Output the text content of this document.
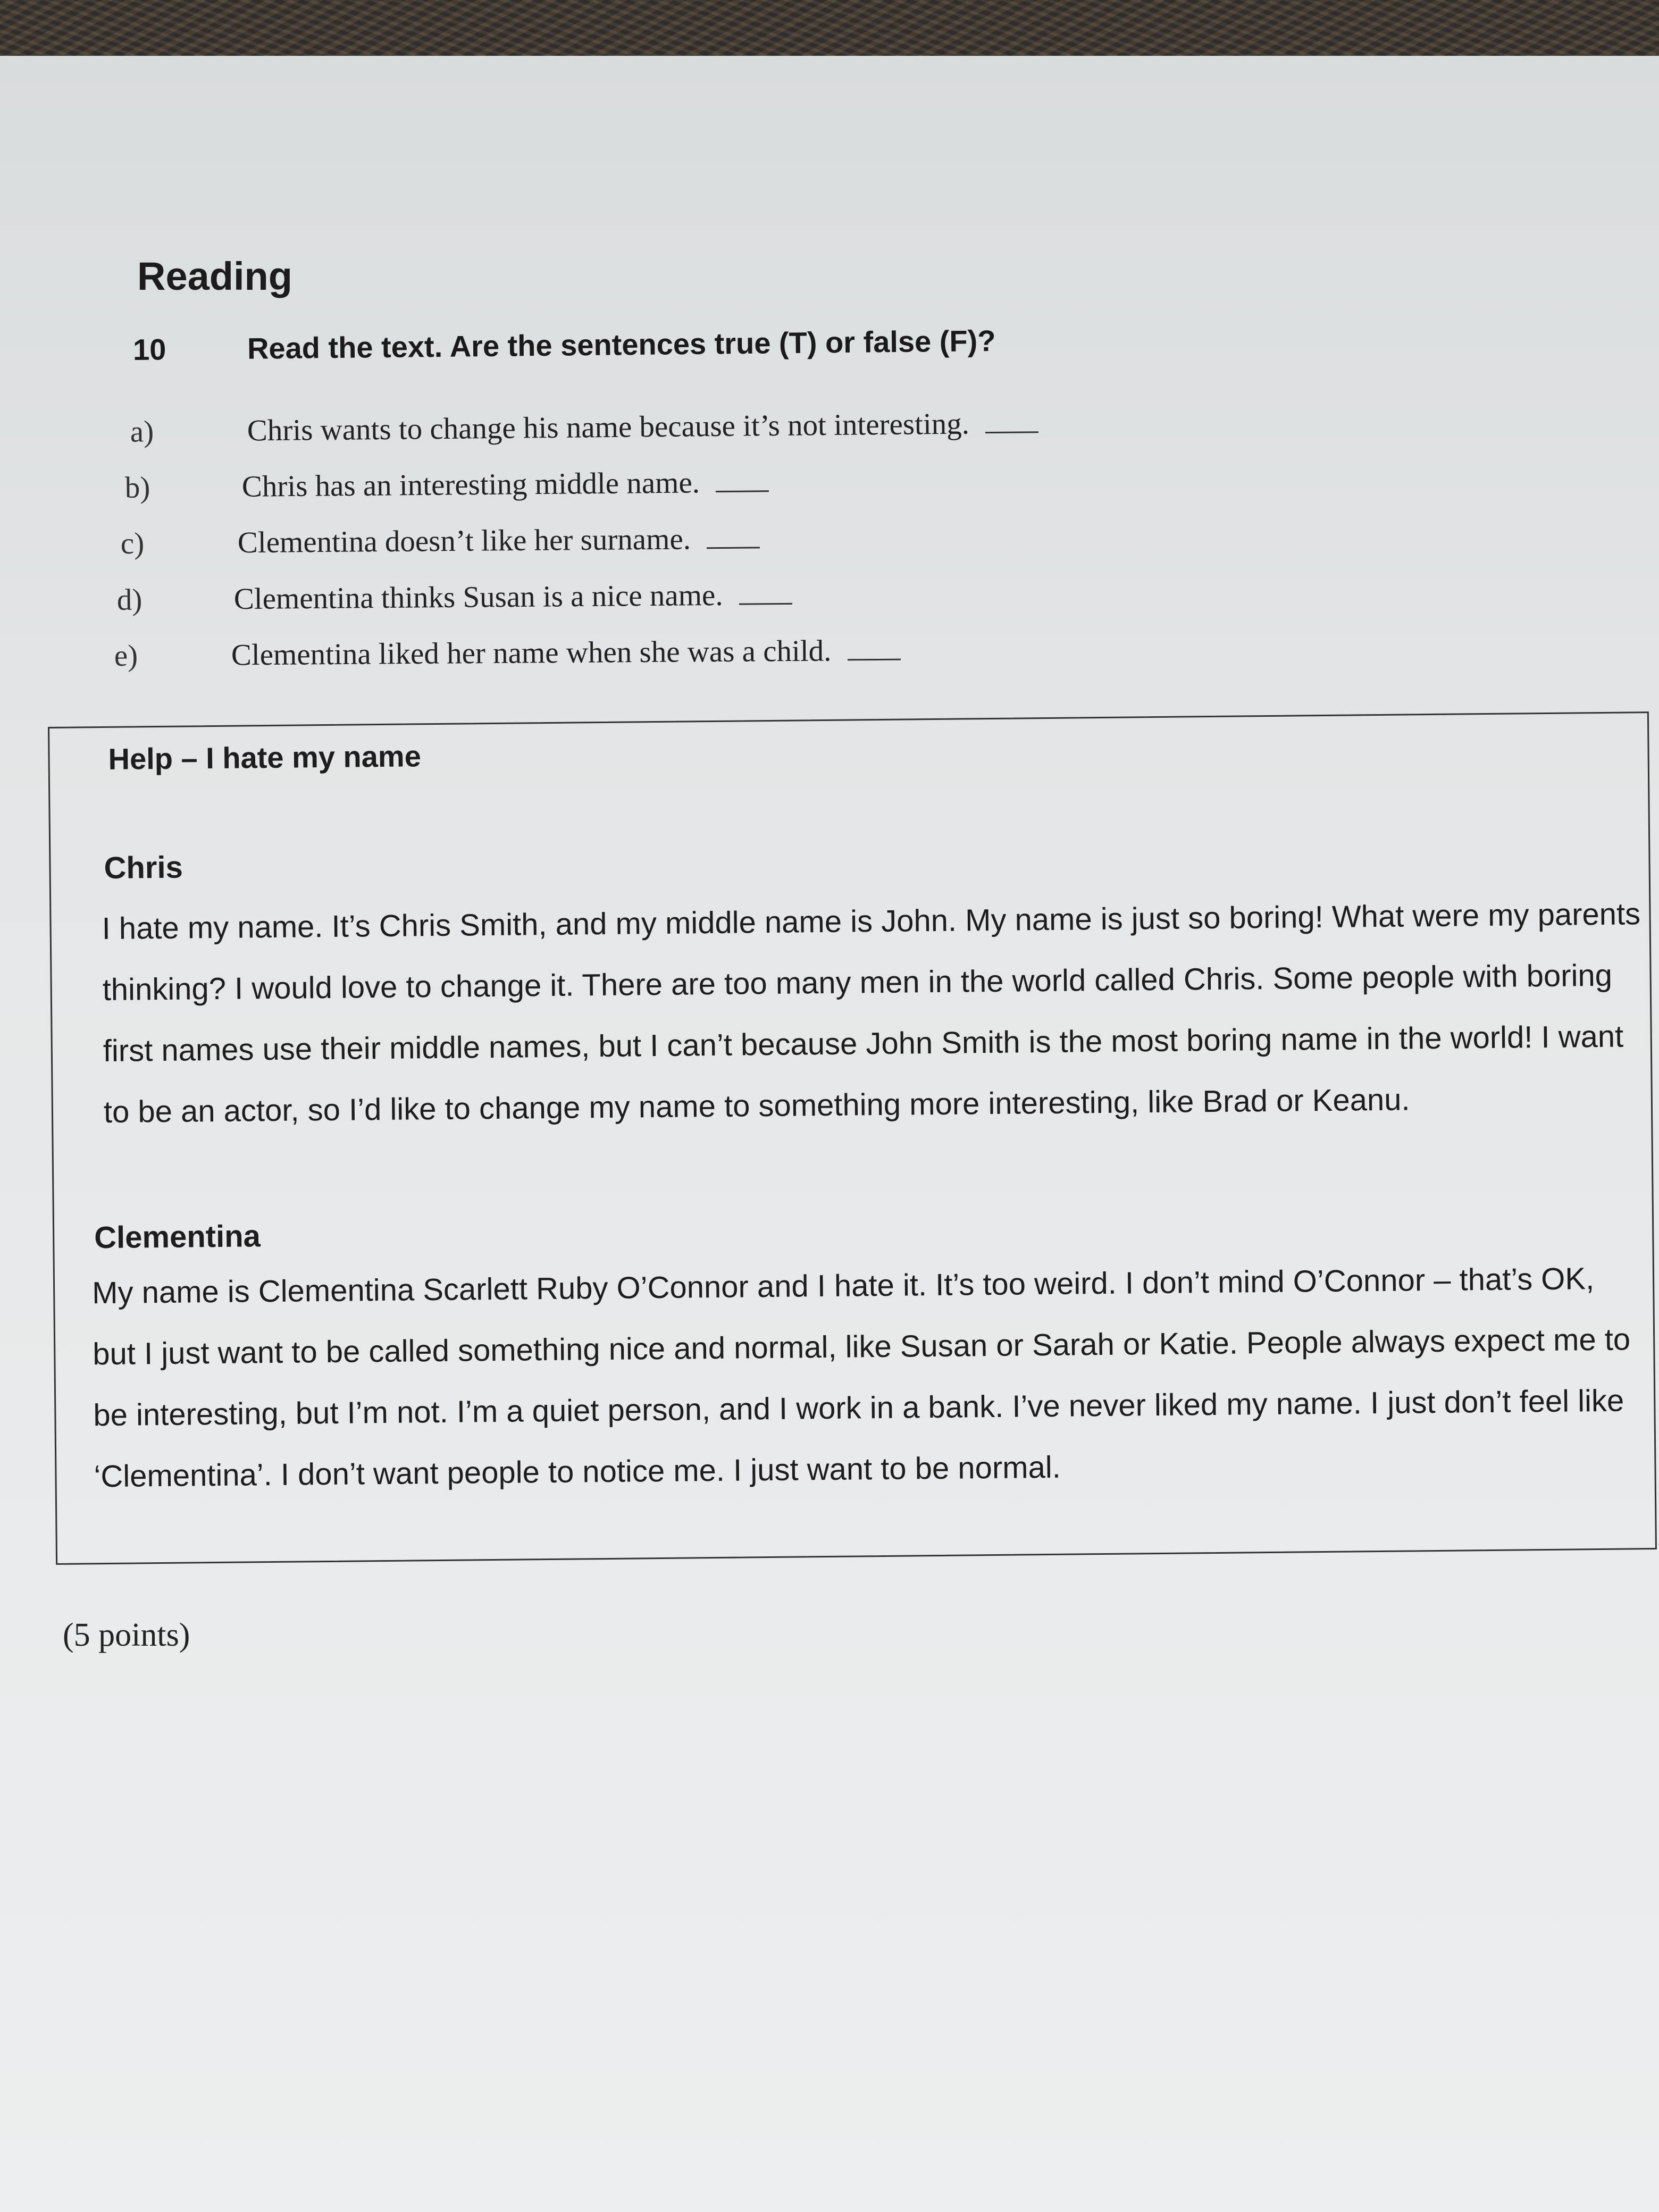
Reading
10	Read the text. Are the sentences true (T) or false (F)?
a)	Chris wants to change his name because it’s not interesting.
b)	Chris has an interesting middle name.
c)	Clementina doesn’t like her surname.
d)	Clementina thinks Susan is a nice name.
e)	Clementina liked her name when she was a child.
Help – I hate my name
Chris
I hate my name. It’s Chris Smith, and my middle name is John. My name is just so boring! What were my parents thinking? I would love to change it. There are too many men in the world called Chris. Some people with boring first names use their middle names, but I can’t because John Smith is the most boring name in the world! I want to be an actor, so I’d like to change my name to something more interesting, like Brad or Keanu.
Clementina
My name is Clementina Scarlett Ruby O’Connor and I hate it. It’s too weird. I don’t mind O’Connor – that’s OK, but I just want to be called something nice and normal, like Susan or Sarah or Katie. People always expect me to be interesting, but I’m not. I’m a quiet person, and I work in a bank. I’ve never liked my name. I just don’t feel like ‘Clementina’. I don’t want people to notice me. I just want to be normal.
(5 points)
